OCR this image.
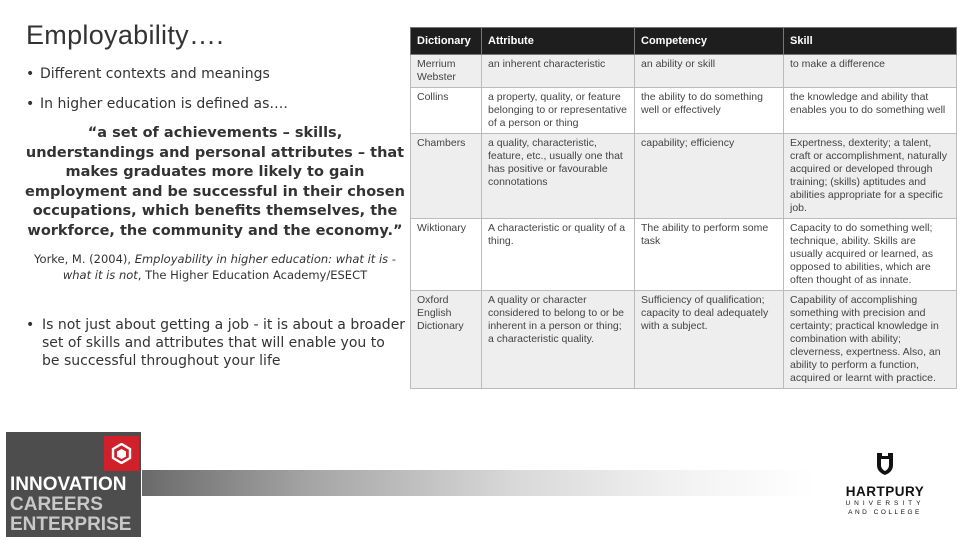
Employability….
• Different contexts and meanings
• In higher education is defined as….
“a set of achievements – skills, understandings and personal attributes – that makes graduates more likely to gain employment and be successful in their chosen occupations, which benefits themselves, the workforce, the community and the economy.”
Yorke, M. (2004), Employability in higher education: what it is - what it is not, The Higher Education Academy/ESECT
• Is not just about getting a job - it is about a broader set of skills and attributes that will enable you to be successful throughout your life
Dictionary	Attribute	Competency	Skill
Merrium Webster	an inherent characteristic	an ability or skill	to make a difference
Collins	a property, quality, or feature belonging to or representative of a person or thing	the ability to do something well or effectively	the knowledge and ability that enables you to do something well
Chambers	a quality, characteristic, feature, etc., usually one that has positive or favourable connotations	capability; efficiency	Expertness, dexterity; a talent, craft or accomplishment, naturally acquired or developed through training; (skills) aptitudes and abilities appropriate for a specific job.
Wiktionary	A characteristic or quality of a thing.	The ability to perform some task	Capacity to do something well; technique, ability. Skills are usually acquired or learned, as opposed to abilities, which are often thought of as innate.
Oxford English Dictionary	A quality or character considered to belong to or be inherent in a person or thing; a characteristic quality.	Sufficiency of qualification; capacity to deal adequately with a subject.	Capability of accomplishing something with precision and certainty; practical knowledge in combination with ability; cleverness, expertness. Also, an ability to perform a function, acquired or learnt with practice.
INNOVATION
CAREERS
ENTERPRISE
HARTPURY
UNIVERSITY
AND COLLEGE
